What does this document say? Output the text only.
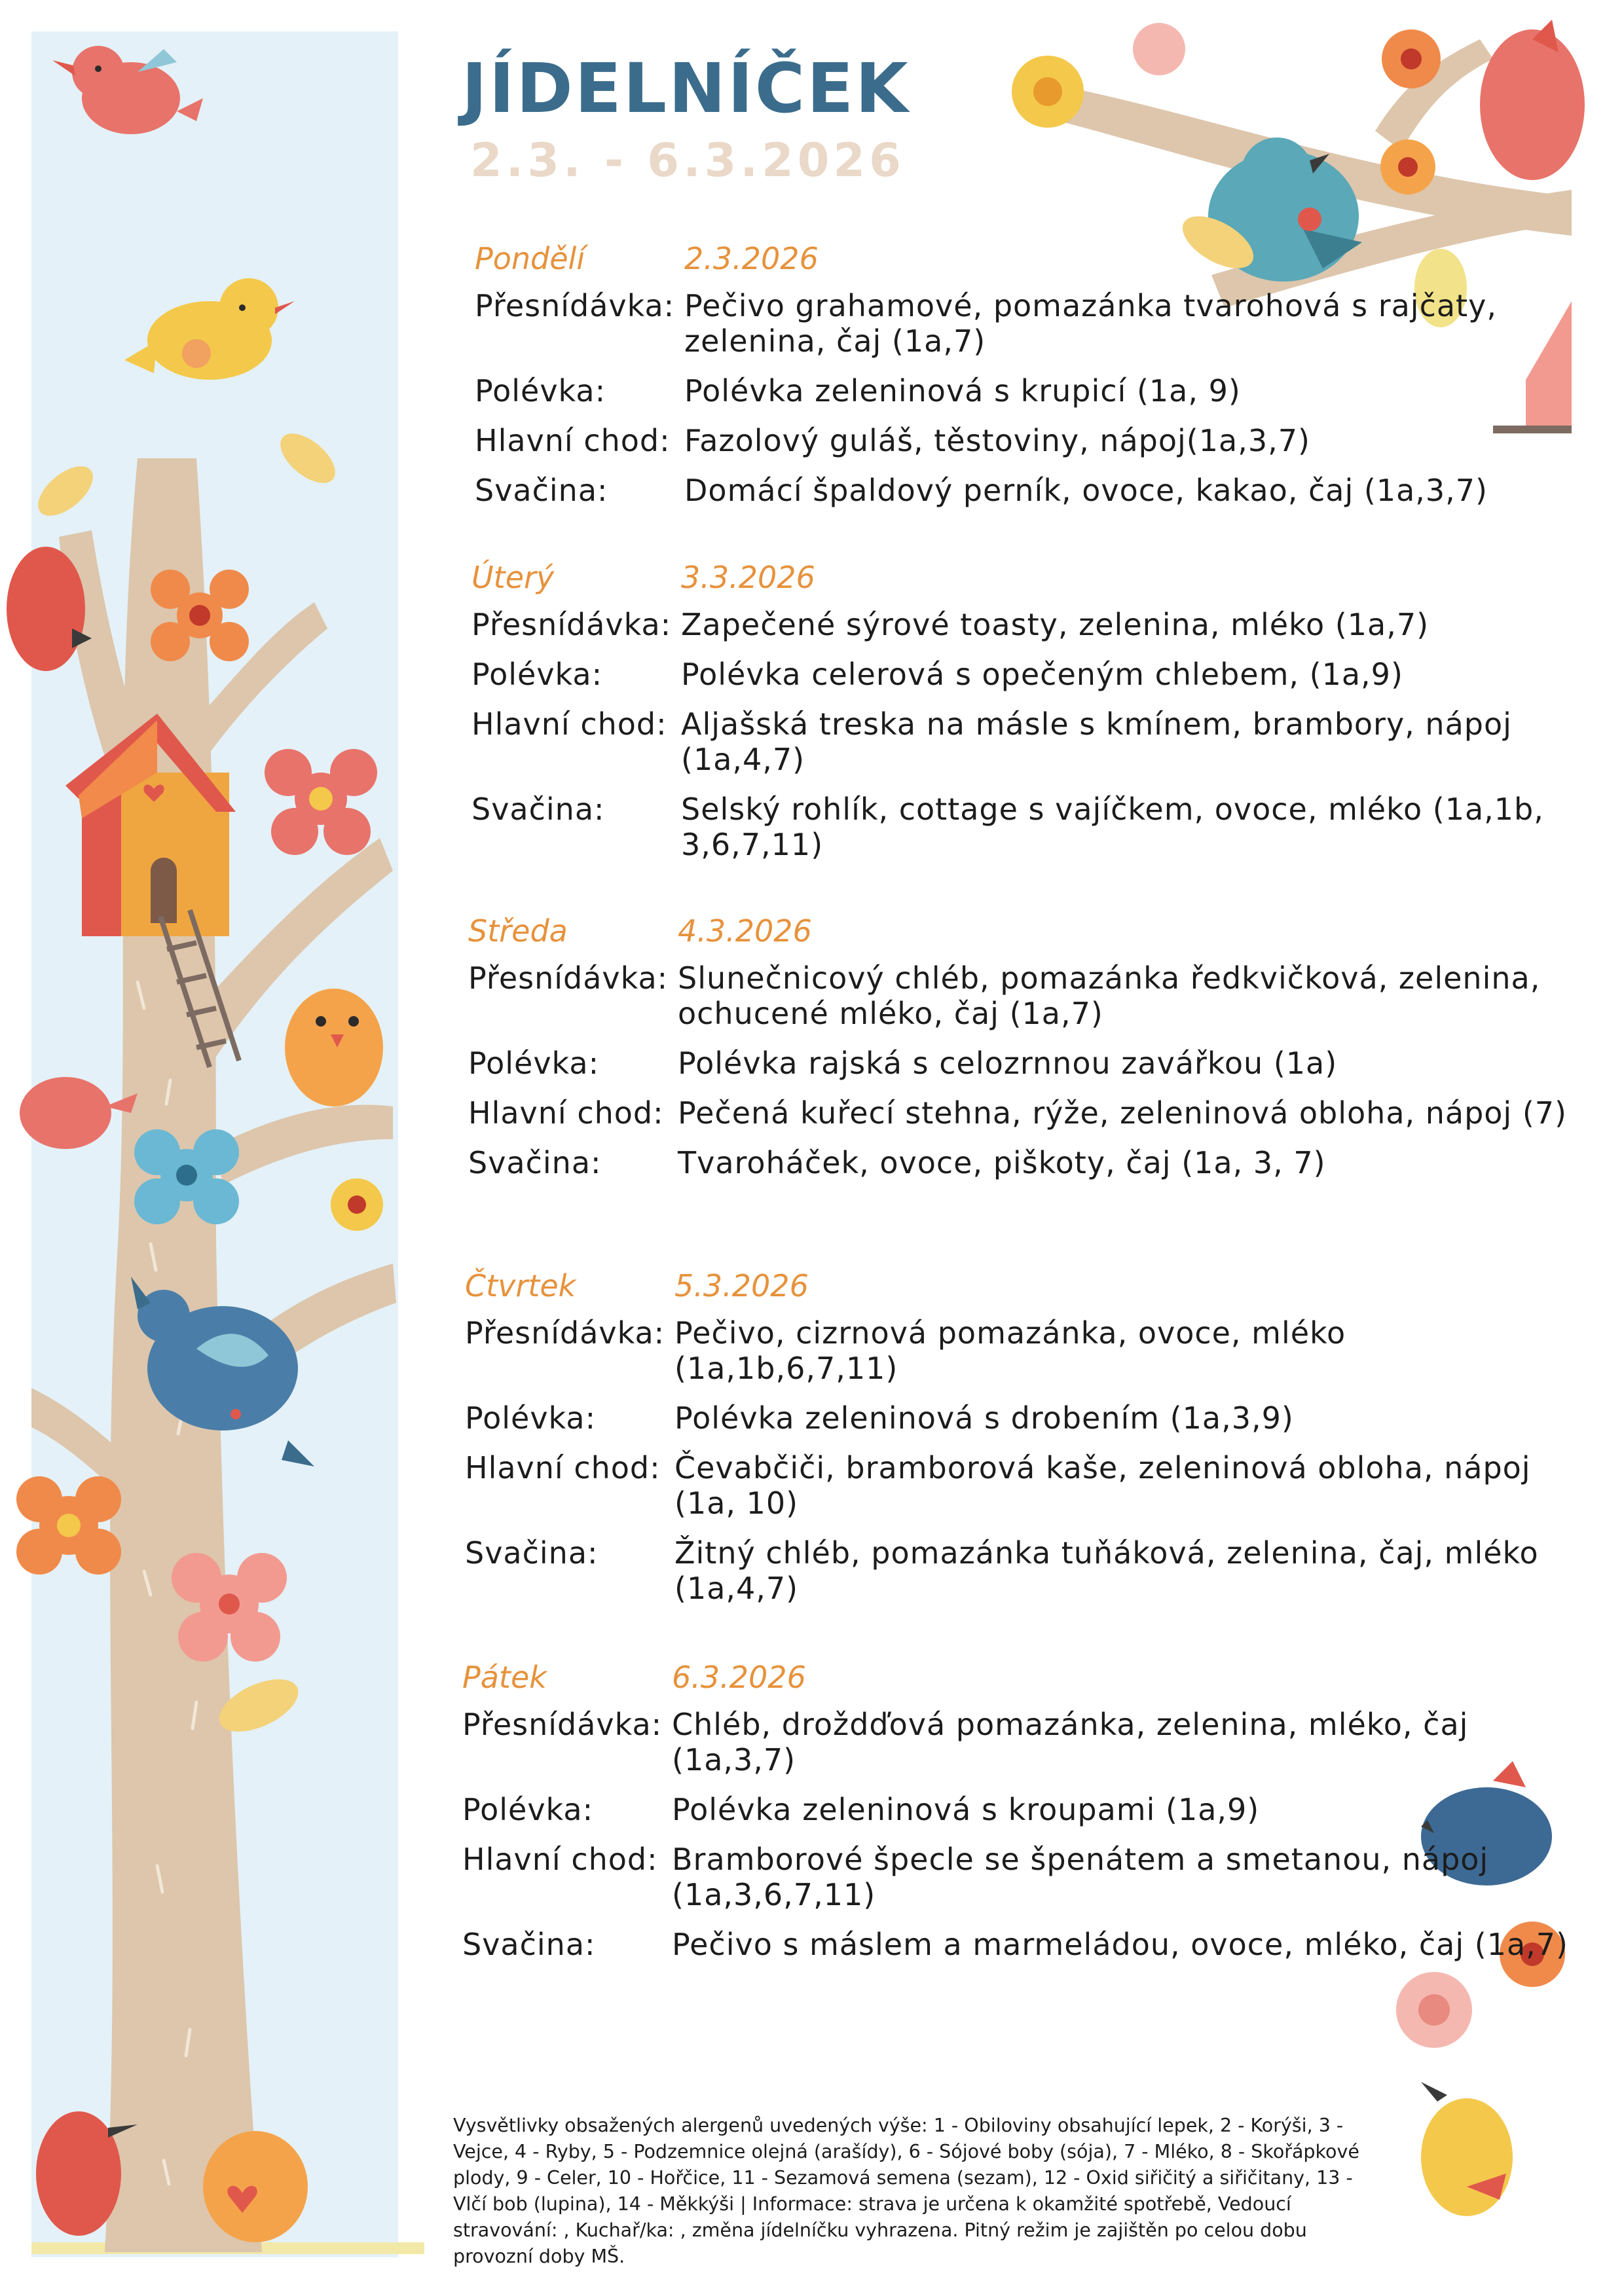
JÍDELNÍČEK
2.3. - 6.3.2026
Pondělí	2.3.2026
Přesnídávka: Pečivo grahamové, pomazánka tvarohová s rajčaty, zelenina, čaj (1a,7)
Polévka:	Polévka zeleninová s krupicí (1a, 9)
Hlavní chod: Fazolový guláš, těstoviny, nápoj(1a,3,7)
Svačina:	Domácí špaldový perník, ovoce, kakao, čaj (1a,3,7)
Úterý	3.3.2026
Přesnídávka: Zapečené sýrové toasty, zelenina, mléko (1a,7)
Polévka:	Polévka celerová s opečeným chlebem, (1a,9)
Hlavní chod: Aljašská treska na másle s kmínem, brambory, nápoj (1a,4,7)
Svačina:	Selský rohlík, cottage s vajíčkem, ovoce, mléko (1a,1b, 3,6,7,11)
Středa	4.3.2026
Přesnídávka: Slunečnicový chléb, pomazánka ředkvičková, zelenina, ochucené mléko, čaj (1a,7)
Polévka:	Polévka rajská s celozrnnou zavářkou (1a)
Hlavní chod: Pečená kuřecí stehna, rýže, zeleninová obloha, nápoj (7)
Svačina:	Tvaroháček, ovoce, piškoty, čaj (1a, 3, 7)
Čtvrtek	5.3.2026
Přesnídávka: Pečivo, cizrnová pomazánka, ovoce, mléko (1a,1b,6,7,11)
Polévka:	Polévka zeleninová s drobením (1a,3,9)
Hlavní chod: Čevabčiči, bramborová kaše, zeleninová obloha, nápoj (1a, 10)
Svačina:	Žitný chléb, pomazánka tuňáková, zelenina, čaj, mléko (1a,4,7)
Pátek	6.3.2026
Přesnídávka: Chléb, droždďová pomazánka, zelenina, mléko, čaj (1a,3,7)
Polévka:	Polévka zeleninová s kroupami (1a,9)
Hlavní chod: Bramborové špecle se špenátem a smetanou, nápoj (1a,3,6,7,11)
Svačina:	Pečivo s máslem a marmeládou, ovoce, mléko, čaj (1a,7)

Vysvětlivky obsažených alergenů uvedených výše: 1 - Obiloviny obsahující lepek, 2 - Korýši, 3 - Vejce, 4 - Ryby, 5 - Podzemnice olejná (arašídy), 6 - Sójové boby (sója), 7 - Mléko, 8 - Skořápkové plody, 9 - Celer, 10 - Hořčice, 11 - Sezamová semena (sezam), 12 - Oxid siřičitý a siřičitany, 13 - Vlčí bob (lupina), 14 - Měkkýši | Informace: strava je určena k okamžité spotřebě, Vedoucí stravování: , Kuchař/ka: , změna jídelníčku vyhrazena. Pitný režim je zajištěn po celou dobu provozní doby MŠ.
